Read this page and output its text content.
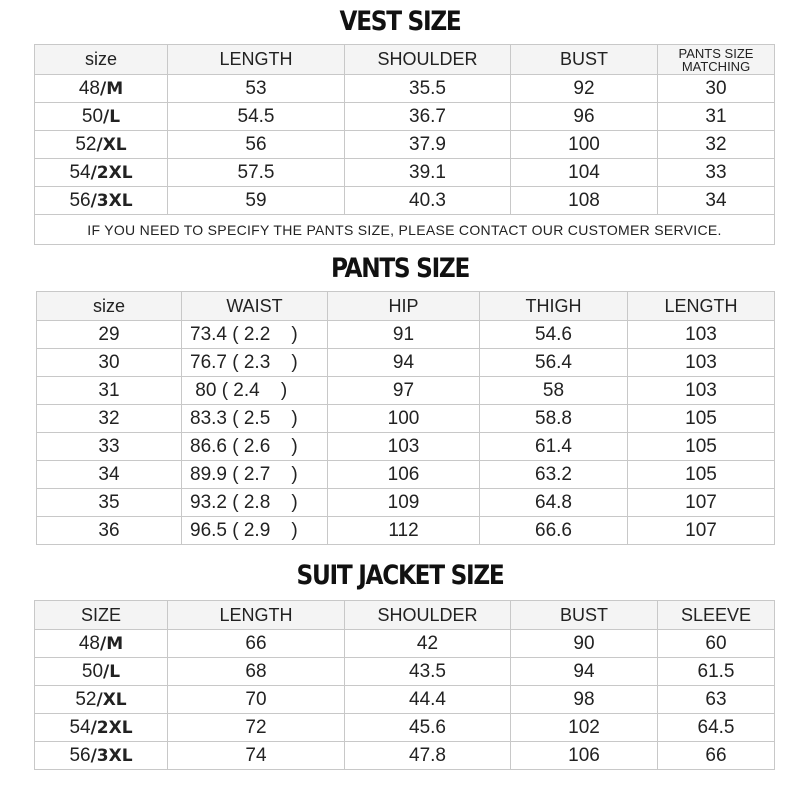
VEST SIZE
size	LENGTH	SHOULDER	BUST	PANTS SIZE
MATCHING

48/M	53	35.5	92	30
50/L	54.5	36.7	96	31
52/XL	56	37.9	100	32
54/2XL	57.5	39.1	104	33
56/3XL	59	40.3	108	34
IF YOU NEED TO SPECIFY THE PANTS SIZE, PLEASE CONTACT OUR CUSTOMER SERVICE.				
PANTS SIZE
size	WAIST	HIP	THIGH	LENGTH
29	73.4 ( 2.2    )	91	54.6	103
30	76.7 ( 2.3    )	94	56.4	103
31	80 ( 2.4    )	97	58	103
32	83.3 ( 2.5    )	100	58.8	105
33	86.6 ( 2.6    )	103	61.4	105
34	89.9 ( 2.7    )	106	63.2	105
35	93.2 ( 2.8    )	109	64.8	107
36	96.5 ( 2.9    )	112	66.6	107
SUIT JACKET SIZE
SIZE	LENGTH	SHOULDER	BUST	SLEEVE
48/M	66	42	90	60
50/L	68	43.5	94	61.5
52/XL	70	44.4	98	63
54/2XL	72	45.6	102	64.5
56/3XL	74	47.8	106	66
